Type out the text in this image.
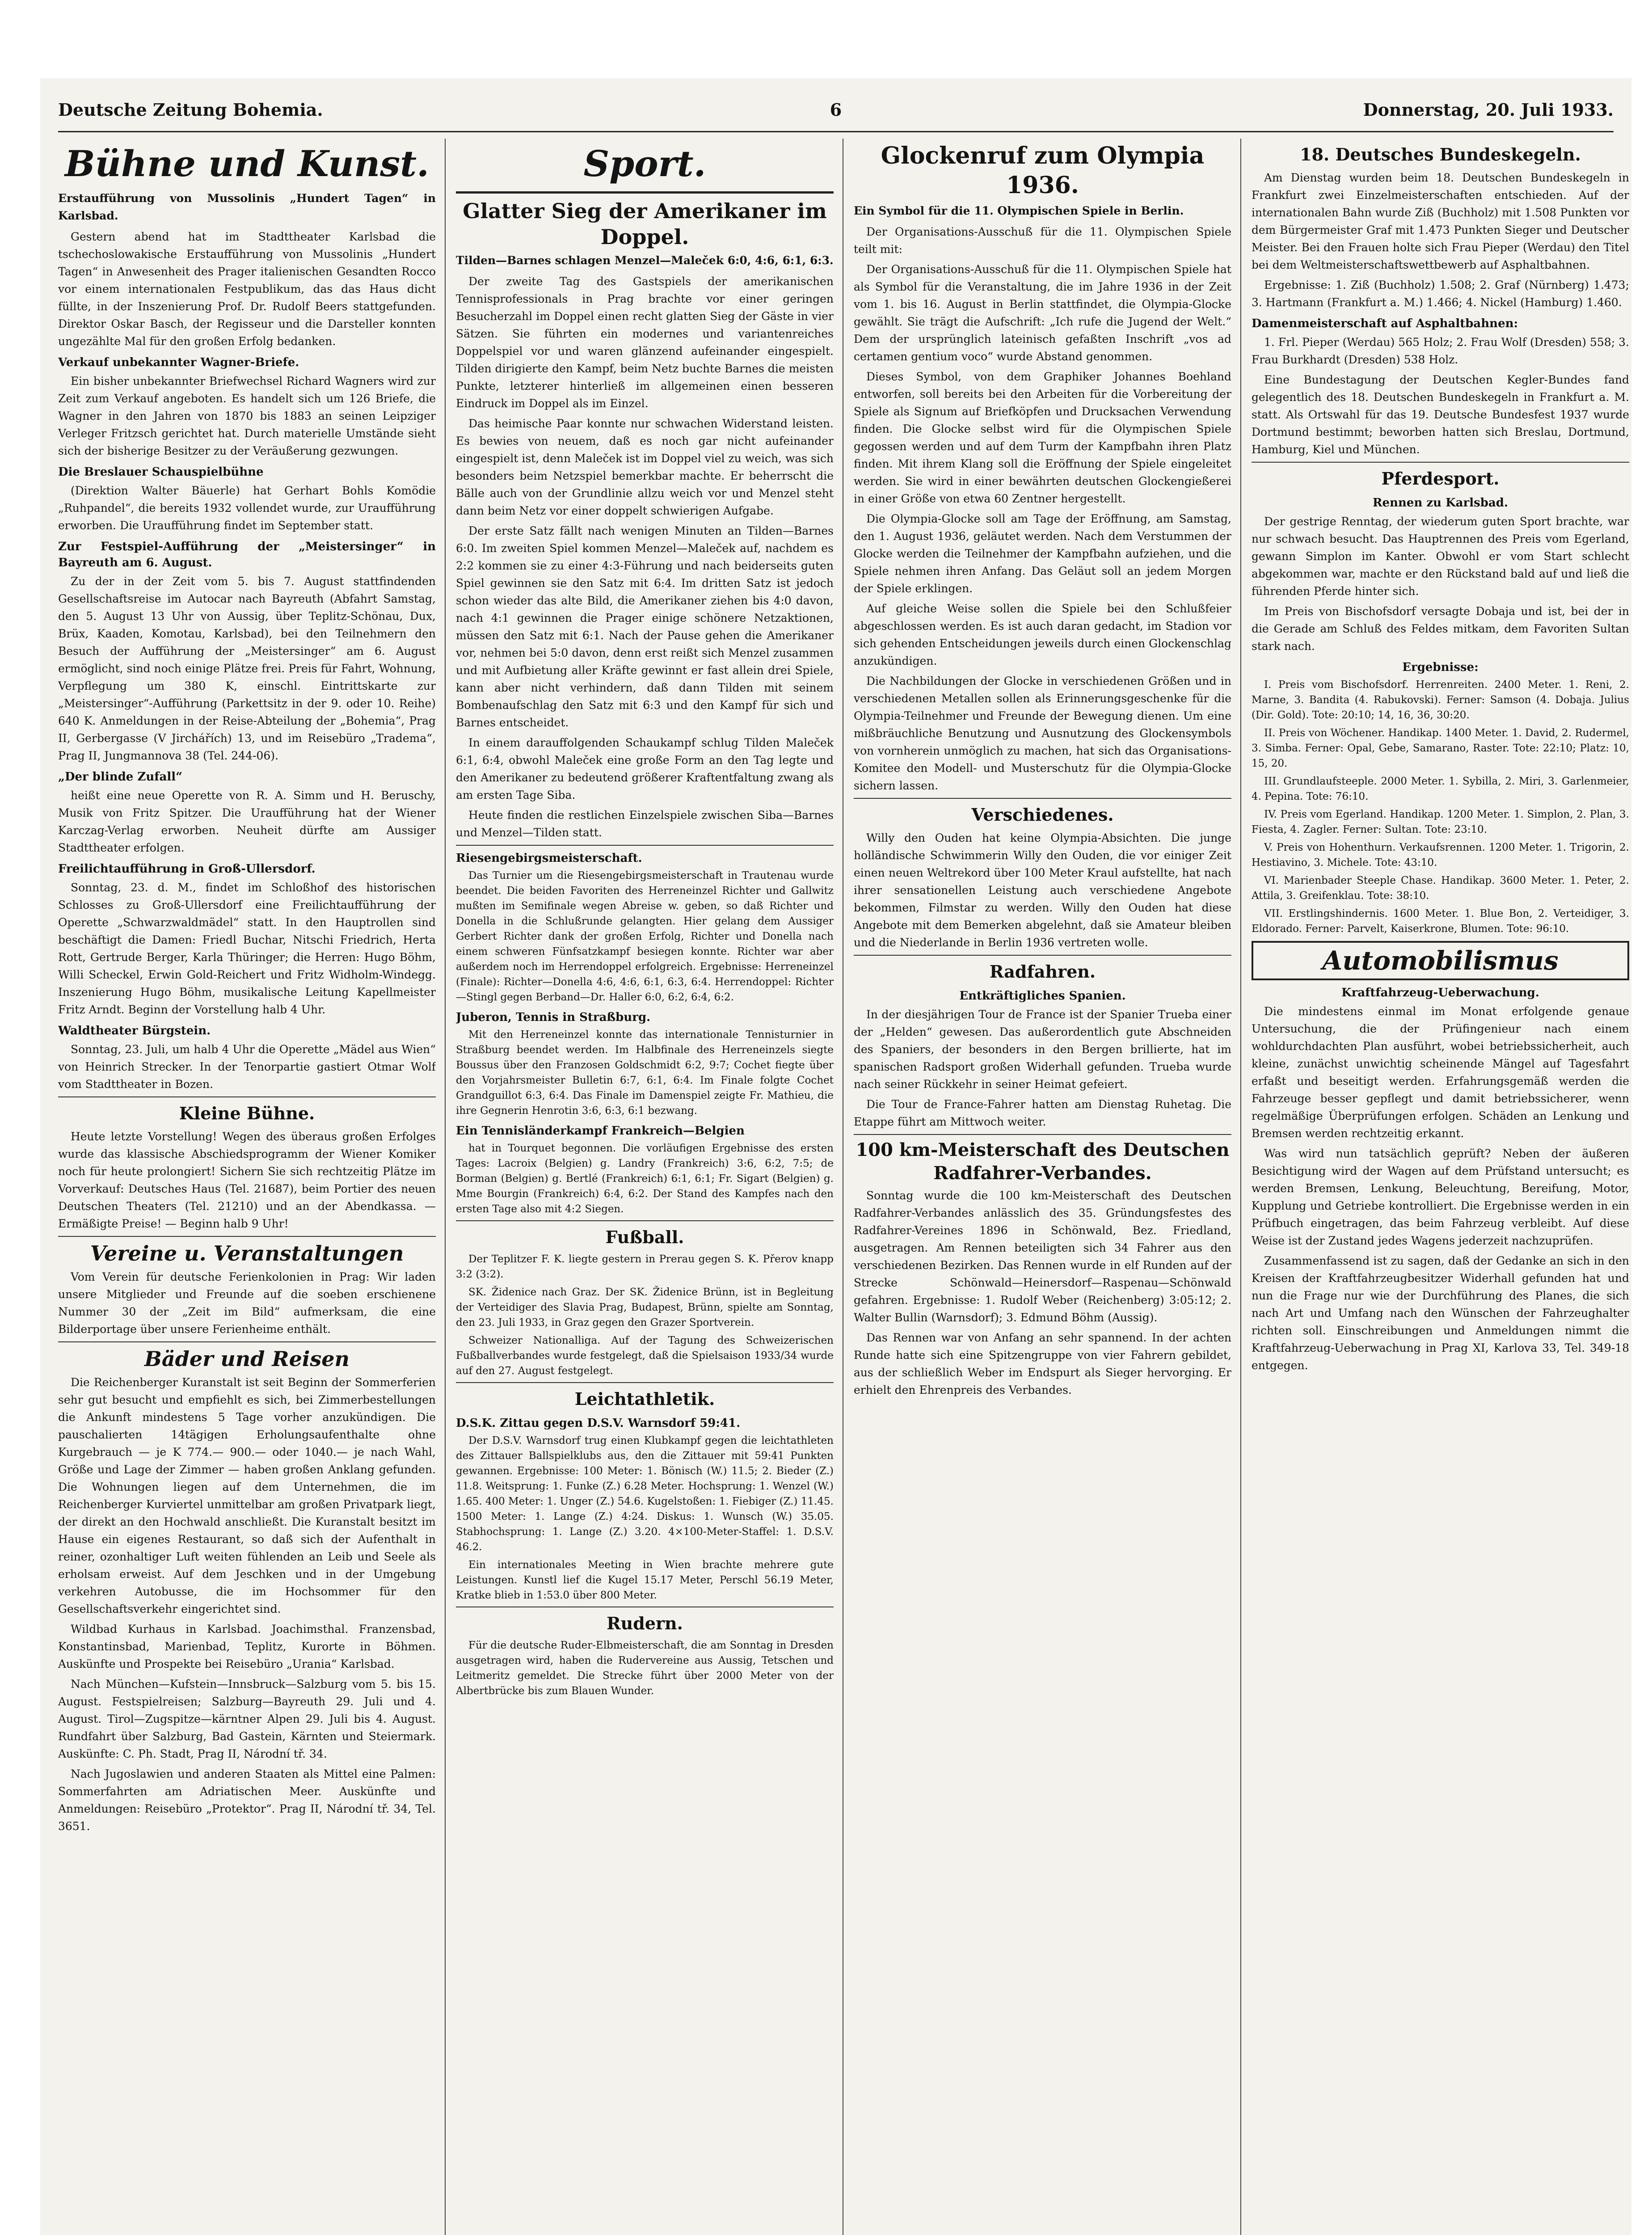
Deutsche Zeitung Bohemia.	6	Donnerstag, 20. Juli 1933.
Bühne und Kunst.
Erstaufführung von Mussolinis „Hundert Tagen“ in Karlsbad.

Gestern abend hat im Stadttheater Karlsbad die tschechoslowakische Erstaufführung von Mussolinis „Hundert Tagen“ in Anwesenheit des Prager italienischen Gesandten Rocco vor einem internationalen Festpublikum, das das Haus dicht füllte, in der Inszenierung Prof. Dr. Rudolf Beers stattgefunden. Direktor Oskar Basch, der Regisseur und die Darsteller konnten ungezählte Mal für den großen Erfolg bedanken.

Verkauf unbekannter Wagner-Briefe.

Ein bisher unbekannter Briefwechsel Richard Wagners wird zur Zeit zum Verkauf angeboten. Es handelt sich um 126 Briefe, die Wagner in den Jahren von 1870 bis 1883 an seinen Leipziger Verleger Fritzsch gerichtet hat. Durch materielle Umstände sieht sich der bisherige Besitzer zu der Veräußerung gezwungen.

Die Breslauer Schauspielbühne

(Direktion Walter Bäuerle) hat Gerhart Bohls Komödie „Ruhpandel“, die bereits 1932 vollendet wurde, zur Uraufführung erworben. Die Uraufführung findet im September statt.

Zur Festspiel-Aufführung der „Meistersinger“ in Bayreuth am 6. August.

Zu der in der Zeit vom 5. bis 7. August stattfindenden Gesellschaftsreise im Autocar nach Bayreuth (Abfahrt Samstag, den 5. August 13 Uhr von Aussig, über Teplitz-Schönau, Dux, Brüx, Kaaden, Komotau, Karlsbad), bei den Teilnehmern den Besuch der Aufführung der „Meistersinger“ am 6. August ermöglicht, sind noch einige Plätze frei. Preis für Fahrt, Wohnung, Verpflegung um 380 K, einschl. Eintrittskarte zur „Meistersinger“-Aufführung (Parkettsitz in der 9. oder 10. Reihe) 640 K. Anmeldungen in der Reise-Abteilung der „Bohemia“, Prag II, Gerbergasse (V Jirchářích) 13, und im Reisebüro „Tradema“, Prag II, Jungmannova 38 (Tel. 244-06).

„Der blinde Zufall“

heißt eine neue Operette von R. A. Simm und H. Beruschy, Musik von Fritz Spitzer. Die Uraufführung hat der Wiener Karczag-Verlag erworben. Neuheit dürfte am Aussiger Stadttheater erfolgen.

Freilichtaufführung in Groß-Ullersdorf.

Sonntag, 23. d. M., findet im Schloßhof des historischen Schlosses zu Groß-Ullersdorf eine Freilichtaufführung der Operette „Schwarzwaldmädel“ statt. In den Hauptrollen sind beschäftigt die Damen: Friedl Buchar, Nitschi Friedrich, Herta Rott, Gertrude Berger, Karla Thüringer; die Herren: Hugo Böhm, Willi Scheckel, Erwin Gold-Reichert und Fritz Widholm-Windegg. Inszenierung Hugo Böhm, musikalische Leitung Kapellmeister Fritz Arndt. Beginn der Vorstellung halb 4 Uhr.

Waldtheater Bürgstein.

Sonntag, 23. Juli, um halb 4 Uhr die Operette „Mädel aus Wien“ von Heinrich Strecker. In der Tenorpartie gastiert Otmar Wolf vom Stadttheater in Bozen.

Kleine Bühne.

Heute letzte Vorstellung! Wegen des überaus großen Erfolges wurde das klassische Abschiedsprogramm der Wiener Komiker noch für heute prolongiert! Sichern Sie sich rechtzeitig Plätze im Vorverkauf: Deutsches Haus (Tel. 21687), beim Portier des neuen Deutschen Theaters (Tel. 21210) und an der Abendkassa. — Ermäßigte Preise! — Beginn halb 9 Uhr!

Vereine u. Veranstaltungen

Vom Verein für deutsche Ferienkolonien in Prag: Wir laden unsere Mitglieder und Freunde auf die soeben erschienene Nummer 30 der „Zeit im Bild“ aufmerksam, die eine Bilderportage über unsere Ferienheime enthält.

Bäder und Reisen

Die Reichenberger Kuranstalt ist seit Beginn der Sommerferien sehr gut besucht und empfiehlt es sich, bei Zimmerbestellungen die Ankunft mindestens 5 Tage vorher anzukündigen. Die pauschalierten 14tägigen Erholungsaufenthalte ohne Kurgebrauch — je K 774.— 900.— oder 1040.— je nach Wahl, Größe und Lage der Zimmer — haben großen Anklang gefunden. Die Wohnungen liegen auf dem Unternehmen, die im Reichenberger Kurviertel unmittelbar am großen Privatpark liegt, der direkt an den Hochwald anschließt. Die Kuranstalt besitzt im Hause ein eigenes Restaurant, so daß sich der Aufenthalt in reiner, ozonhaltiger Luft weiten fühlenden an Leib und Seele als erholsam erweist. Auf dem Jeschken und in der Umgebung verkehren Autobusse, die im Hochsommer für den Gesellschaftsverkehr eingerichtet sind.

Wildbad Kurhaus in Karlsbad. Joachimsthal. Franzensbad, Konstantinsbad, Marienbad, Teplitz, Kurorte in Böhmen. Auskünfte und Prospekte bei Reisebüro „Urania“ Karlsbad.

Nach München—Kufstein—Innsbruck—Salzburg vom 5. bis 15. August. Festspielreisen; Salzburg—Bayreuth 29. Juli und 4. August. Tirol—Zugspitze—kärntner Alpen 29. Juli bis 4. August. Rundfahrt über Salzburg, Bad Gastein, Kärnten und Steiermark. Auskünfte: C. Ph. Stadt, Prag II, Národní tř. 34.

Nach Jugoslawien und anderen Staaten als Mittel eine Palmen: Sommerfahrten am Adriatischen Meer. Auskünfte und Anmeldungen: Reisebüro „Protektor“. Prag II, Národní tř. 34, Tel. 3651.

Sport.
Glatter Sieg der Amerikaner im Doppel.
Tilden—Barnes schlagen Menzel—Maleček 6:0, 4:6, 6:1, 6:3.

Der zweite Tag des Gastspiels der amerikanischen Tennisprofessionals in Prag brachte vor einer geringen Besucherzahl im Doppel einen recht glatten Sieg der Gäste in vier Sätzen. Sie führten ein modernes und variantenreiches Doppelspiel vor und waren glänzend aufeinander eingespielt. Tilden dirigierte den Kampf, beim Netz buchte Barnes die meisten Punkte, letzterer hinterließ im allgemeinen einen besseren Eindruck im Doppel als im Einzel.

Das heimische Paar konnte nur schwachen Widerstand leisten. Es bewies von neuem, daß es noch gar nicht aufeinander eingespielt ist, denn Maleček ist im Doppel viel zu weich, was sich besonders beim Netzspiel bemerkbar machte. Er beherrscht die Bälle auch von der Grundlinie allzu weich vor und Menzel steht dann beim Netz vor einer doppelt schwierigen Aufgabe.

Der erste Satz fällt nach wenigen Minuten an Tilden—Barnes 6:0. Im zweiten Spiel kommen Menzel—Maleček auf, nachdem es 2:2 kommen sie zu einer 4:3-Führung und nach beiderseits guten Spiel gewinnen sie den Satz mit 6:4. Im dritten Satz ist jedoch schon wieder das alte Bild, die Amerikaner ziehen bis 4:0 davon, nach 4:1 gewinnen die Prager einige schönere Netzaktionen, müssen den Satz mit 6:1. Nach der Pause gehen die Amerikaner vor, nehmen bei 5:0 davon, denn erst reißt sich Menzel zusammen und mit Aufbietung aller Kräfte gewinnt er fast allein drei Spiele, kann aber nicht verhindern, daß dann Tilden mit seinem Bombenaufschlag den Satz mit 6:3 und den Kampf für sich und Barnes entscheidet.

In einem darauffolgenden Schaukampf schlug Tilden Maleček 6:1, 6:4, obwohl Maleček eine große Form an den Tag legte und den Amerikaner zu bedeutend größerer Kraftentfaltung zwang als am ersten Tage Siba.

Heute finden die restlichen Einzelspiele zwischen Siba—Barnes und Menzel—Tilden statt.

Riesengebirgsmeisterschaft.

Das Turnier um die Riesengebirgsmeisterschaft in Trautenau wurde beendet. Die beiden Favoriten des Herreneinzel Richter und Gallwitz mußten im Semifinale wegen Abreise w. geben, so daß Richter und Donella in die Schlußrunde gelangten. Hier gelang dem Aussiger Gerbert Richter dank der großen Erfolg, Richter und Donella nach einem schweren Fünfsatzkampf besiegen konnte. Richter war aber außerdem noch im Herrendoppel erfolgreich. Ergebnisse: Herreneinzel (Finale): Richter—Donella 4:6, 4:6, 6:1, 6:3, 6:4. Herrendoppel: Richter—Stingl gegen Berband—Dr. Haller 6:0, 6:2, 6:4, 6:2.

Juberon, Tennis in Straßburg.

Mit den Herreneinzel konnte das internationale Tennisturnier in Straßburg beendet werden. Im Halbfinale des Herreneinzels siegte Boussus über den Franzosen Goldschmidt 6:2, 9:7; Cochet fiegte über den Vorjahrsmeister Bulletin 6:7, 6:1, 6:4. Im Finale folgte Cochet Grandguillot 6:3, 6:4. Das Finale im Damenspiel zeigte Fr. Mathieu, die ihre Gegnerin Henrotin 3:6, 6:3, 6:1 bezwang.

Ein Tennisländerkampf Frankreich—Belgien

hat in Tourquet begonnen. Die vorläufigen Ergebnisse des ersten Tages: Lacroix (Belgien) g. Landry (Frankreich) 3:6, 6:2, 7:5; de Borman (Belgien) g. Bertlé (Frankreich) 6:1, 6:1; Fr. Sigart (Belgien) g. Mme Bourgin (Frankreich) 6:4, 6:2. Der Stand des Kampfes nach den ersten Tage also mit 4:2 Siegen.

Fußball.

Der Teplitzer F. K. liegte gestern in Prerau gegen S. K. Přerov knapp 3:2 (3:2).

SK. Židenice nach Graz. Der SK. Židenice Brünn, ist in Begleitung der Verteidiger des Slavia Prag, Budapest, Brünn, spielte am Sonntag, den 23. Juli 1933, in Graz gegen den Grazer Sportverein.

Schweizer Nationalliga. Auf der Tagung des Schweizerischen Fußballverbandes wurde festgelegt, daß die Spielsaison 1933/34 wurde auf den 27. August festgelegt.

Leichtathletik.
D.S.K. Zittau gegen D.S.V. Warnsdorf 59:41.

Der D.S.V. Warnsdorf trug einen Klubkampf gegen die leichtathleten des Zittauer Ballspielklubs aus, den die Zittauer mit 59:41 Punkten gewannen. Ergebnisse: 100 Meter: 1. Bönisch (W.) 11.5; 2. Bieder (Z.) 11.8. Weitsprung: 1. Funke (Z.) 6.28 Meter. Hochsprung: 1. Wenzel (W.) 1.65. 400 Meter: 1. Unger (Z.) 54.6. Kugelstoßen: 1. Fiebiger (Z.) 11.45. 1500 Meter: 1. Lange (Z.) 4:24. Diskus: 1. Wunsch (W.) 35.05. Stabhochsprung: 1. Lange (Z.) 3.20. 4×100-Meter-Staffel: 1. D.S.V. 46.2.

Ein internationales Meeting in Wien brachte mehrere gute Leistungen. Kunstl lief die Kugel 15.17 Meter, Perschl 56.19 Meter, Kratke blieb in 1:53.0 über 800 Meter.

Rudern.

Für die deutsche Ruder-Elbmeisterschaft, die am Sonntag in Dresden ausgetragen wird, haben die Rudervereine aus Aussig, Tetschen und Leitmeritz gemeldet. Die Strecke führt über 2000 Meter von der Albertbrücke bis zum Blauen Wunder.

Glockenruf zum Olympia 1936.
Ein Symbol für die 11. Olympischen Spiele in Berlin.

Der Organisations-Ausschuß für die 11. Olympischen Spiele teilt mit:

Der Organisations-Ausschuß für die 11. Olympischen Spiele hat als Symbol für die Veranstaltung, die im Jahre 1936 in der Zeit vom 1. bis 16. August in Berlin stattfindet, die Olympia-Glocke gewählt. Sie trägt die Aufschrift: „Ich rufe die Jugend der Welt.“ Dem der ursprünglich lateinisch gefaßten Inschrift „vos ad certamen gentium voco“ wurde Abstand genommen.

Dieses Symbol, von dem Graphiker Johannes Boehland entworfen, soll bereits bei den Arbeiten für die Vorbereitung der Spiele als Signum auf Briefköpfen und Drucksachen Verwendung finden. Die Glocke selbst wird für die Olympischen Spiele gegossen werden und auf dem Turm der Kampfbahn ihren Platz finden. Mit ihrem Klang soll die Eröffnung der Spiele eingeleitet werden. Sie wird in einer bewährten deutschen Glockengießerei in einer Größe von etwa 60 Zentner hergestellt.

Die Olympia-Glocke soll am Tage der Eröffnung, am Samstag, den 1. August 1936, geläutet werden. Nach dem Verstummen der Glocke werden die Teilnehmer der Kampfbahn aufziehen, und die Spiele nehmen ihren Anfang. Das Geläut soll an jedem Morgen der Spiele erklingen.

Auf gleiche Weise sollen die Spiele bei den Schlußfeier abgeschlossen werden. Es ist auch daran gedacht, im Stadion vor sich gehenden Entscheidungen jeweils durch einen Glockenschlag anzukündigen.

Die Nachbildungen der Glocke in verschiedenen Größen und in verschiedenen Metallen sollen als Erinnerungsgeschenke für die Olympia-Teilnehmer und Freunde der Bewegung dienen. Um eine mißbräuchliche Benutzung und Ausnutzung des Glockensymbols von vornherein unmöglich zu machen, hat sich das Organisations-Komitee den Modell- und Musterschutz für die Olympia-Glocke sichern lassen.

Verschiedenes.

Willy den Ouden hat keine Olympia-Absichten. Die junge holländische Schwimmerin Willy den Ouden, die vor einiger Zeit einen neuen Weltrekord über 100 Meter Kraul aufstellte, hat nach ihrer sensationellen Leistung auch verschiedene Angebote bekommen, Filmstar zu werden. Willy den Ouden hat diese Angebote mit dem Bemerken abgelehnt, daß sie Amateur bleiben und die Niederlande in Berlin 1936 vertreten wolle.

Radfahren.
Entkräftigliches Spanien.

In der diesjährigen Tour de France ist der Spanier Trueba einer der „Helden“ gewesen. Das außerordentlich gute Abschneiden des Spaniers, der besonders in den Bergen brillierte, hat im spanischen Radsport großen Widerhall gefunden. Trueba wurde nach seiner Rückkehr in seiner Heimat gefeiert.

Die Tour de France-Fahrer hatten am Dienstag Ruhetag. Die Etappe führt am Mittwoch weiter.

100 km-Meisterschaft des Deutschen Radfahrer-Verbandes.

Sonntag wurde die 100 km-Meisterschaft des Deutschen Radfahrer-Verbandes anlässlich des 35. Gründungsfestes des Radfahrer-Vereines 1896 in Schönwald, Bez. Friedland, ausgetragen. Am Rennen beteiligten sich 34 Fahrer aus den verschiedenen Bezirken. Das Rennen wurde in elf Runden auf der Strecke Schönwald—Heinersdorf—Raspenau—Schönwald gefahren. Ergebnisse: 1. Rudolf Weber (Reichenberg) 3:05:12; 2. Walter Bullin (Warnsdorf); 3. Edmund Böhm (Aussig).

Das Rennen war von Anfang an sehr spannend. In der achten Runde hatte sich eine Spitzengruppe von vier Fahrern gebildet, aus der schließlich Weber im Endspurt als Sieger hervorging. Er erhielt den Ehrenpreis des Verbandes.

18. Deutsches Bundeskegeln.

Am Dienstag wurden beim 18. Deutschen Bundeskegeln in Frankfurt zwei Einzelmeisterschaften entschieden. Auf der internationalen Bahn wurde Ziß (Buchholz) mit 1.508 Punkten vor dem Bürgermeister Graf mit 1.473 Punkten Sieger und Deutscher Meister. Bei den Frauen holte sich Frau Pieper (Werdau) den Titel bei dem Weltmeisterschaftswettbewerb auf Asphaltbahnen.

Ergebnisse: 1. Ziß (Buchholz) 1.508; 2. Graf (Nürnberg) 1.473; 3. Hartmann (Frankfurt a. M.) 1.466; 4. Nickel (Hamburg) 1.460.

Damenmeisterschaft auf Asphaltbahnen:

1. Frl. Pieper (Werdau) 565 Holz; 2. Frau Wolf (Dresden) 558; 3. Frau Burkhardt (Dresden) 538 Holz.

Eine Bundestagung der Deutschen Kegler-Bundes fand gelegentlich des 18. Deutschen Bundeskegeln in Frankfurt a. M. statt. Als Ortswahl für das 19. Deutsche Bundesfest 1937 wurde Dortmund bestimmt; beworben hatten sich Breslau, Dortmund, Hamburg, Kiel und München.

Pferdesport.
Rennen zu Karlsbad.

Der gestrige Renntag, der wiederum guten Sport brachte, war nur schwach besucht. Das Hauptrennen des Preis vom Egerland, gewann Simplon im Kanter. Obwohl er vom Start schlecht abgekommen war, machte er den Rückstand bald auf und ließ die führenden Pferde hinter sich.

Im Preis von Bischofsdorf versagte Dobaja und ist, bei der in die Gerade am Schluß des Feldes mitkam, dem Favoriten Sultan stark nach.

Ergebnisse:

I. Preis vom Bischofsdorf. Herrenreiten. 2400 Meter. 1. Reni, 2. Marne, 3. Bandita (4. Rabukovski). Ferner: Samson (4. Dobaja. Julius (Dir. Gold). Tote: 20:10; 14, 16, 36, 30:20.

II. Preis von Wöchener. Handikap. 1400 Meter. 1. David, 2. Rudermel, 3. Simba. Ferner: Opal, Gebe, Samarano, Raster. Tote: 22:10; Platz: 10, 15, 20.

III. Grundlaufsteeple. 2000 Meter. 1. Sybilla, 2. Miri, 3. Garlenmeier, 4. Pepina. Tote: 76:10.

IV. Preis vom Egerland. Handikap. 1200 Meter. 1. Simplon, 2. Plan, 3. Fiesta, 4. Zagler. Ferner: Sultan. Tote: 23:10.

V. Preis von Hohenthurn. Verkaufsrennen. 1200 Meter. 1. Trigorin, 2. Hestiavino, 3. Michele. Tote: 43:10.

VI. Marienbader Steeple Chase. Handikap. 3600 Meter. 1. Peter, 2. Attila, 3. Greifenklau. Tote: 38:10.

VII. Erstlingshindernis. 1600 Meter. 1. Blue Bon, 2. Verteidiger, 3. Eldorado. Ferner: Parvelt, Kaiserkrone, Blumen. Tote: 96:10.

Automobilismus
Kraftfahrzeug-Ueberwachung.

Die mindestens einmal im Monat erfolgende genaue Untersuchung, die der Prüfingenieur nach einem wohldurchdachten Plan ausführt, wobei betriebssicherheit, auch kleine, zunächst unwichtig scheinende Mängel auf Tagesfahrt erfaßt und beseitigt werden. Erfahrungsgemäß werden die Fahrzeuge besser gepflegt und damit betriebssicherer, wenn regelmäßige Überprüfungen erfolgen. Schäden an Lenkung und Bremsen werden rechtzeitig erkannt.

Was wird nun tatsächlich geprüft? Neben der äußeren Besichtigung wird der Wagen auf dem Prüfstand untersucht; es werden Bremsen, Lenkung, Beleuchtung, Bereifung, Motor, Kupplung und Getriebe kontrolliert. Die Ergebnisse werden in ein Prüfbuch eingetragen, das beim Fahrzeug verbleibt. Auf diese Weise ist der Zustand jedes Wagens jederzeit nachzuprüfen.

Zusammenfassend ist zu sagen, daß der Gedanke an sich in den Kreisen der Kraftfahrzeugbesitzer Widerhall gefunden hat und nun die Frage nur wie der Durchführung des Planes, die sich nach Art und Umfang nach den Wünschen der Fahrzeughalter richten soll. Einschreibungen und Anmeldungen nimmt die Kraftfahrzeug-Ueberwachung in Prag XI, Karlova 33, Tel. 349-18 entgegen.
